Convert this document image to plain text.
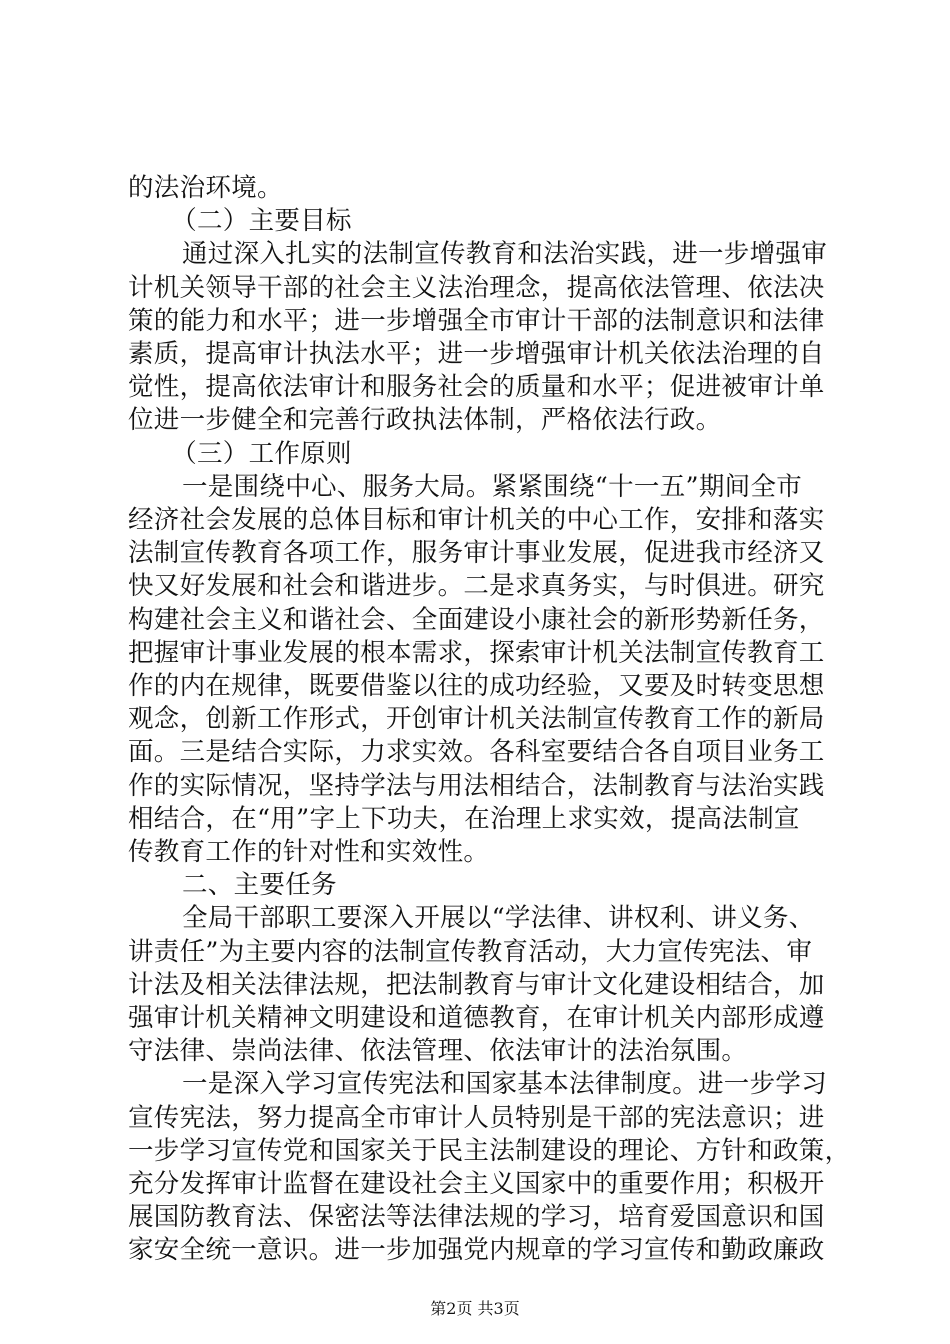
的法治环境。
（二）主要目标
通过深入扎实的法制宣传教育和法治实践，进一步增强审
计机关领导干部的社会主义法治理念，提高依法管理、依法决
策的能力和水平；进一步增强全市审计干部的法制意识和法律
素质，提高审计执法水平；进一步增强审计机关依法治理的自
觉性，提高依法审计和服务社会的质量和水平；促进被审计单
位进一步健全和完善行政执法体制，严格依法行政。
（三）工作原则
一是围绕中心、服务大局。紧紧围绕“十一五”期间全市
经济社会发展的总体目标和审计机关的中心工作，安排和落实
法制宣传教育各项工作，服务审计事业发展，促进我市经济又
快又好发展和社会和谐进步。二是求真务实，与时俱进。研究
构建社会主义和谐社会、全面建设小康社会的新形势新任务，
把握审计事业发展的根本需求，探索审计机关法制宣传教育工
作的内在规律，既要借鉴以往的成功经验，又要及时转变思想
观念，创新工作形式，开创审计机关法制宣传教育工作的新局
面。三是结合实际，力求实效。各科室要结合各自项目业务工
作的实际情况，坚持学法与用法相结合，法制教育与法治实践
相结合，在“用”字上下功夫，在治理上求实效，提高法制宣
传教育工作的针对性和实效性。
二、主要任务
全局干部职工要深入开展以“学法律、讲权利、讲义务、
讲责任”为主要内容的法制宣传教育活动，大力宣传宪法、审
计法及相关法律法规，把法制教育与审计文化建设相结合，加
强审计机关精神文明建设和道德教育，在审计机关内部形成遵
守法律、崇尚法律、依法管理、依法审计的法治氛围。
一是深入学习宣传宪法和国家基本法律制度。进一步学习
宣传宪法，努力提高全市审计人员特别是干部的宪法意识；进
一步学习宣传党和国家关于民主法制建设的理论、方针和政策，
充分发挥审计监督在建设社会主义国家中的重要作用；积极开
展国防教育法、保密法等法律法规的学习，培育爱国意识和国
家安全统一意识。进一步加强党内规章的学习宣传和勤政廉政
第2页 共3页
